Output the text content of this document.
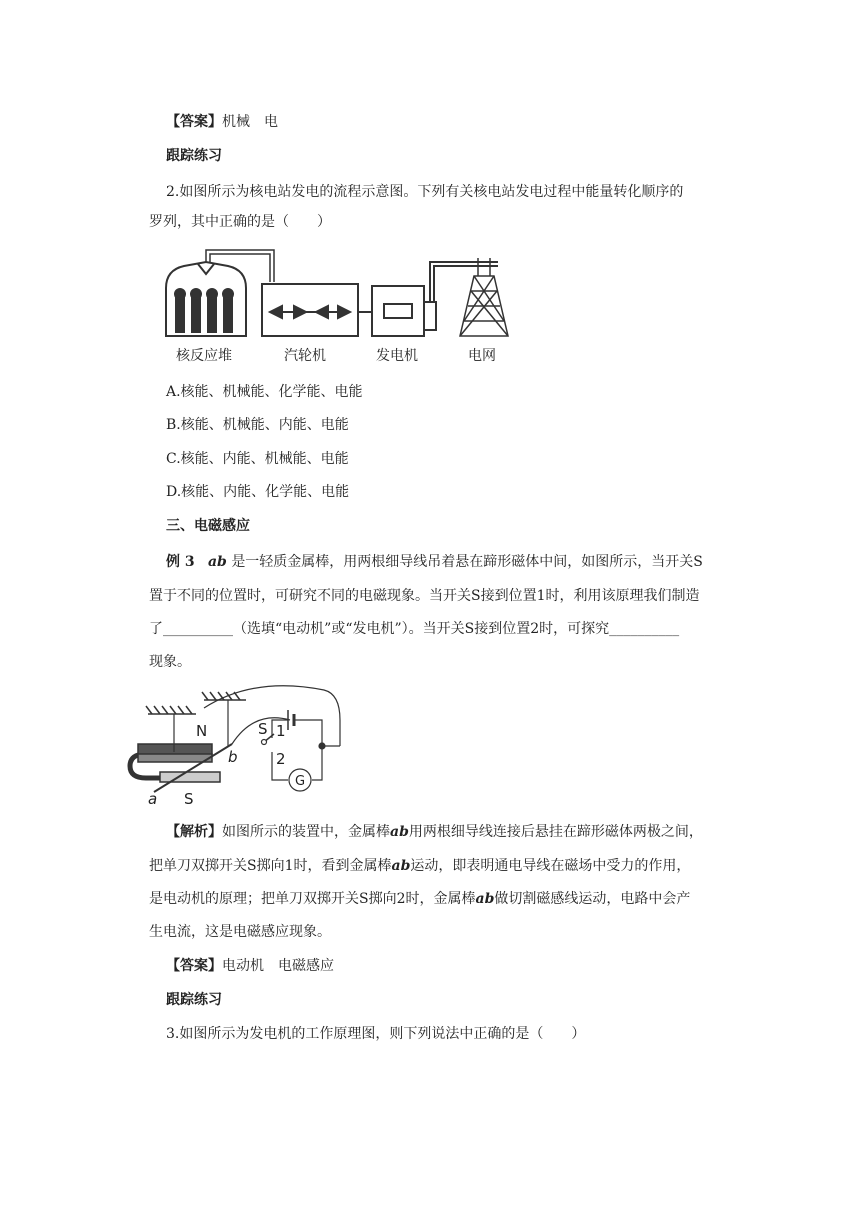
【答案】机械　电
跟踪练习
2.如图所示为核电站发电的流程示意图。下列有关核电站发电过程中能量转化顺序的
罗列，其中正确的是（　　）
核反应堆	汽轮机	发电机	电网
A.核能、机械能、化学能、电能
B.核能、机械能、内能、电能
C.核能、内能、机械能、电能
D.核能、内能、化学能、电能
三、电磁感应
例 3 ab 是一轻质金属棒，用两根细导线吊着悬在蹄形磁体中间，如图所示，当开关S
置于不同的位置时，可研究不同的电磁现象。当开关S接到位置1时，利用该原理我们制造
了__________（选填“电动机”或“发电机”）。当开关S接到位置2时，可探究__________
现象。
N
S
a
b
S 1
2
G
【解析】如图所示的装置中，金属棒ab用两根细导线连接后悬挂在蹄形磁体两极之间，
把单刀双掷开关S掷向1时，看到金属棒ab运动，即表明通电导线在磁场中受力的作用，
是电动机的原理；把单刀双掷开关S掷向2时，金属棒ab做切割磁感线运动，电路中会产
生电流，这是电磁感应现象。
【答案】电动机　电磁感应
跟踪练习
3.如图所示为发电机的工作原理图，则下列说法中正确的是（　　）
